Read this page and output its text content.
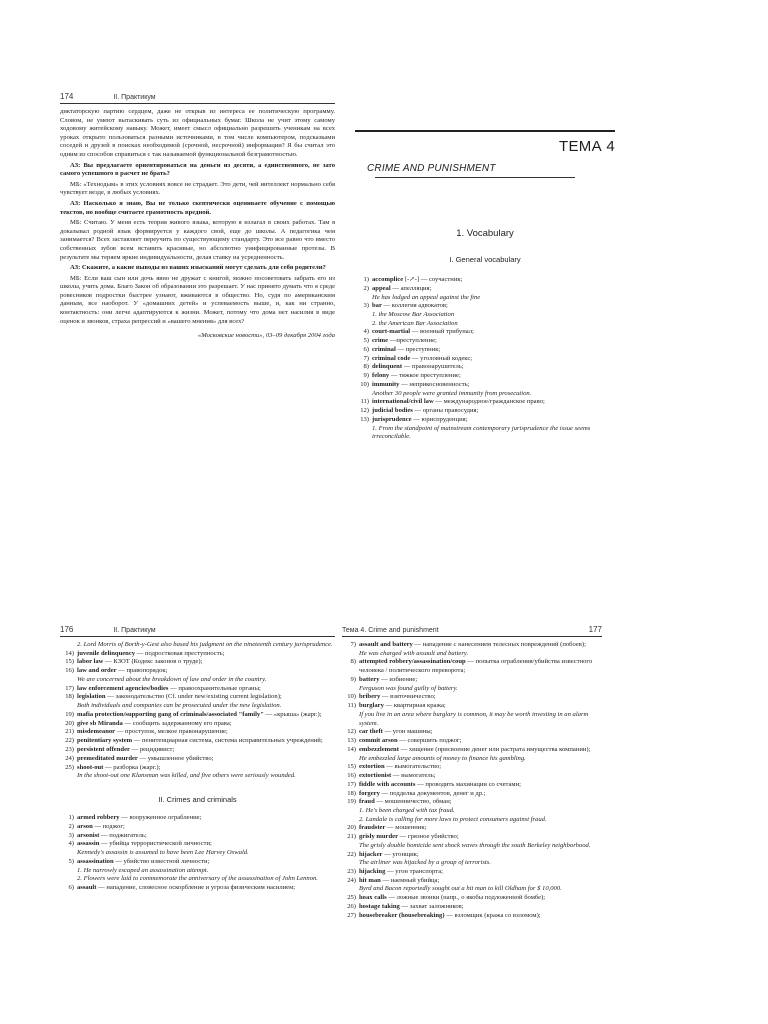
174	II. Практикум

диктаторскую партию сердцем, даже не открыв из интереса ее политическую программу. Словом, не умеют вытаскивать суть из официальных бумаг. Школа не учит этому самому ходовому житейскому навыку. Может, имеет смысл официально разрешить ученикам на всех уроках открыто пользоваться разными источниками, в том числе компьютером, подсказками соседей и друзей в поисках необходимой (срочной, несрочной) информации? Я бы считал это одним из способов справиться с так называемой функциональной безграмотностью.

АЗ: Вы предлагаете ориентироваться на деньги из десяти, а единственного, не зато самого успешного в расчет не брать?

МБ: «Технодым» в этих условиях вовсе не страдает. Это дети, чей интеллект нормально себя чувствует везде, в любых условиях.

АЗ: Насколько я знаю, Вы не только скептически оцениваете обучение с помощью текстов, но вообще считаете грамотность вредной.

МБ: Считаю. У меня есть теория живого языка, которую я излагал в своих работах. Там я доказывал родной язык формируется у каждого свой, еще до школы. А педагогика чем занимается? Всех заставляет переучить по существующему стандарту. Это все равно что вместо собственных зубов всем вставить красивые, но абсолютно унифицированные протезы. В результате мы теряем яркие индивидуальности, делая ставку на усредненность.

АЗ: Скажите, а какие выводы из ваших изысканий могут сделать для себя родители?

МБ: Если ваш сын или дочь явно не дружат с книгой, можно посоветовать забрать его из школы, учить дома. Благо Закон об образовании это разрешает. У нас принято думать что я среде ровесников подростки быстрее узнают, вживаются в общество. Но, судя по американским данным, все наоборот. У «домашних детей» и успеваемость выше, и, как ни странно, контактность: они легче адаптируются к жизни. Может, потому что дома нет насилия в виде оценок и звонков, страха репрессий и «вашего мнения» для всех?

«Московские новости», 03–09 декабря 2004 года
ТЕМА 4
CRIME AND PUNISHMENT
1. Vocabulary
I. General vocabulary
1) accomplice [-↗-] — соучастник;
2) appeal — апелляция;
He has lodged an appeal against the fine
3) bar — коллегия адвокатов;
1. the Moscow Bar Association
2. the American Bar Association
4) court-martial — военный трибунал;
5) crime —преступление;
6) criminal — преступник;
7) criminal code — уголовный кодекс;
8) delinquent — правонарушитель;
9) felony — тяжкое преступление;
10) immunity — неприкосновенность;
Another 30 people were granted immunity from prosecution.
11) international/civil law — международное/гражданское право;
12) judicial bodies — органы правосудия;
13) jurisprudence — юриспруденция;
1. From the standpoint of mainstream contemporary jurisprudence the issue seems irreconcilable.
176	II. Практикум
2. Lord Morris of Borth-y-Gest also based his judgment on the nineteenth century jurisprudence.
14) juvenile delinquency — подростковая преступность;
15) labor law — КЗОТ (Кодекс законов о труде);
16) law and order — правопорядок;
We are concerned about the breakdown of law and order in the country.
17) law enforcement agencies/bodies — правоохранительные органы;
18) legislation — законодательство (Cf. under new/existing current legislation);
Both individuals and companies can be prosecuted under the new legislation.
19) mafia protection/supporting gang of criminals/associated "family" — «крыша» (жарг.);
20) give sb Miranda — сообщить задержанному его права;
21) misdemeanor — проступок, мелкое правонарушение;
22) penitentiary system — пенитенциарная система, система исправительных учреждений;
23) persistent offender — рецидивист;
24) premeditated murder — умышленное убийство;
25) shoot-out — разборка (жарг.);
In the shoot-out one Klansman was killed, and five others were seriously wounded.
II. Crimes and criminals
1) armed robbery — вооруженное ограбление;
2) arson — поджог;
3) arsonist — поджигатель;
4) assassin — убийца террористической личности;
Kennedy's assassin is assumed to have been Lee Harvey Oswald.
5) assassination — убийство известной личности;
1. He narrowly escaped an assassination attempt.
2. Flowers were laid to commemorate the anniversary of the assassination of John Lennon.
6) assault — нападение, словесное оскорбление и угроза физическим насилием;
Тема 4. Crime and punishment	177
7) assault and battery — нападение с нанесением телесных повреждений (побоев);
He was charged with assault and battery.
8) attempted robbery/assassination/coup — попытка ограбления/убийства известного человека / политического переворота;
9) battery — избиение;
Ferguson was found guilty of battery.
10) bribery — взяточничество;
11) burglary — квартирная кража;
If you live in an area where burglary is common, it may be worth investing in an alarm system.
12) car theft — угон машины;
13) commit arson — совершить поджог;
14) embezzlement — хищение (присвоение денег или растрата имущества компании);
He embezzled large amounts of money to finance his gambling.
15) extortion — вымогательство;
16) extortionist — вымогатель;
17) fiddle with accounts — проводить махинации со счетами;
18) forgery — подделка документов, денег и др.;
19) fraud — мошенничество, обман;
1. He's been charged with tax fraud.
2. Landale is calling for more laws to protect consumers against fraud.
20) fraudster — мошенник;
21) grisly murder — грязное убийство;
The grisly double homicide sent shock waves through the south Berkeley neighborhood.
22) hijacker — угонщик;
The airliner was hijacked by a group of terrorists.
23) hijacking — угон транспорта;
24) hit man — наемный убийца;
Byrd and Bacon reportedly sought out a hit man to kill Oldham for $ 10,000.
25) hoax calls — ложные звонки (напр., о якобы подложенной бомбе);
26) hostage taking — захват заложников;
27) housebreaker (housebreaking) — взломщик (кража со взломом);
